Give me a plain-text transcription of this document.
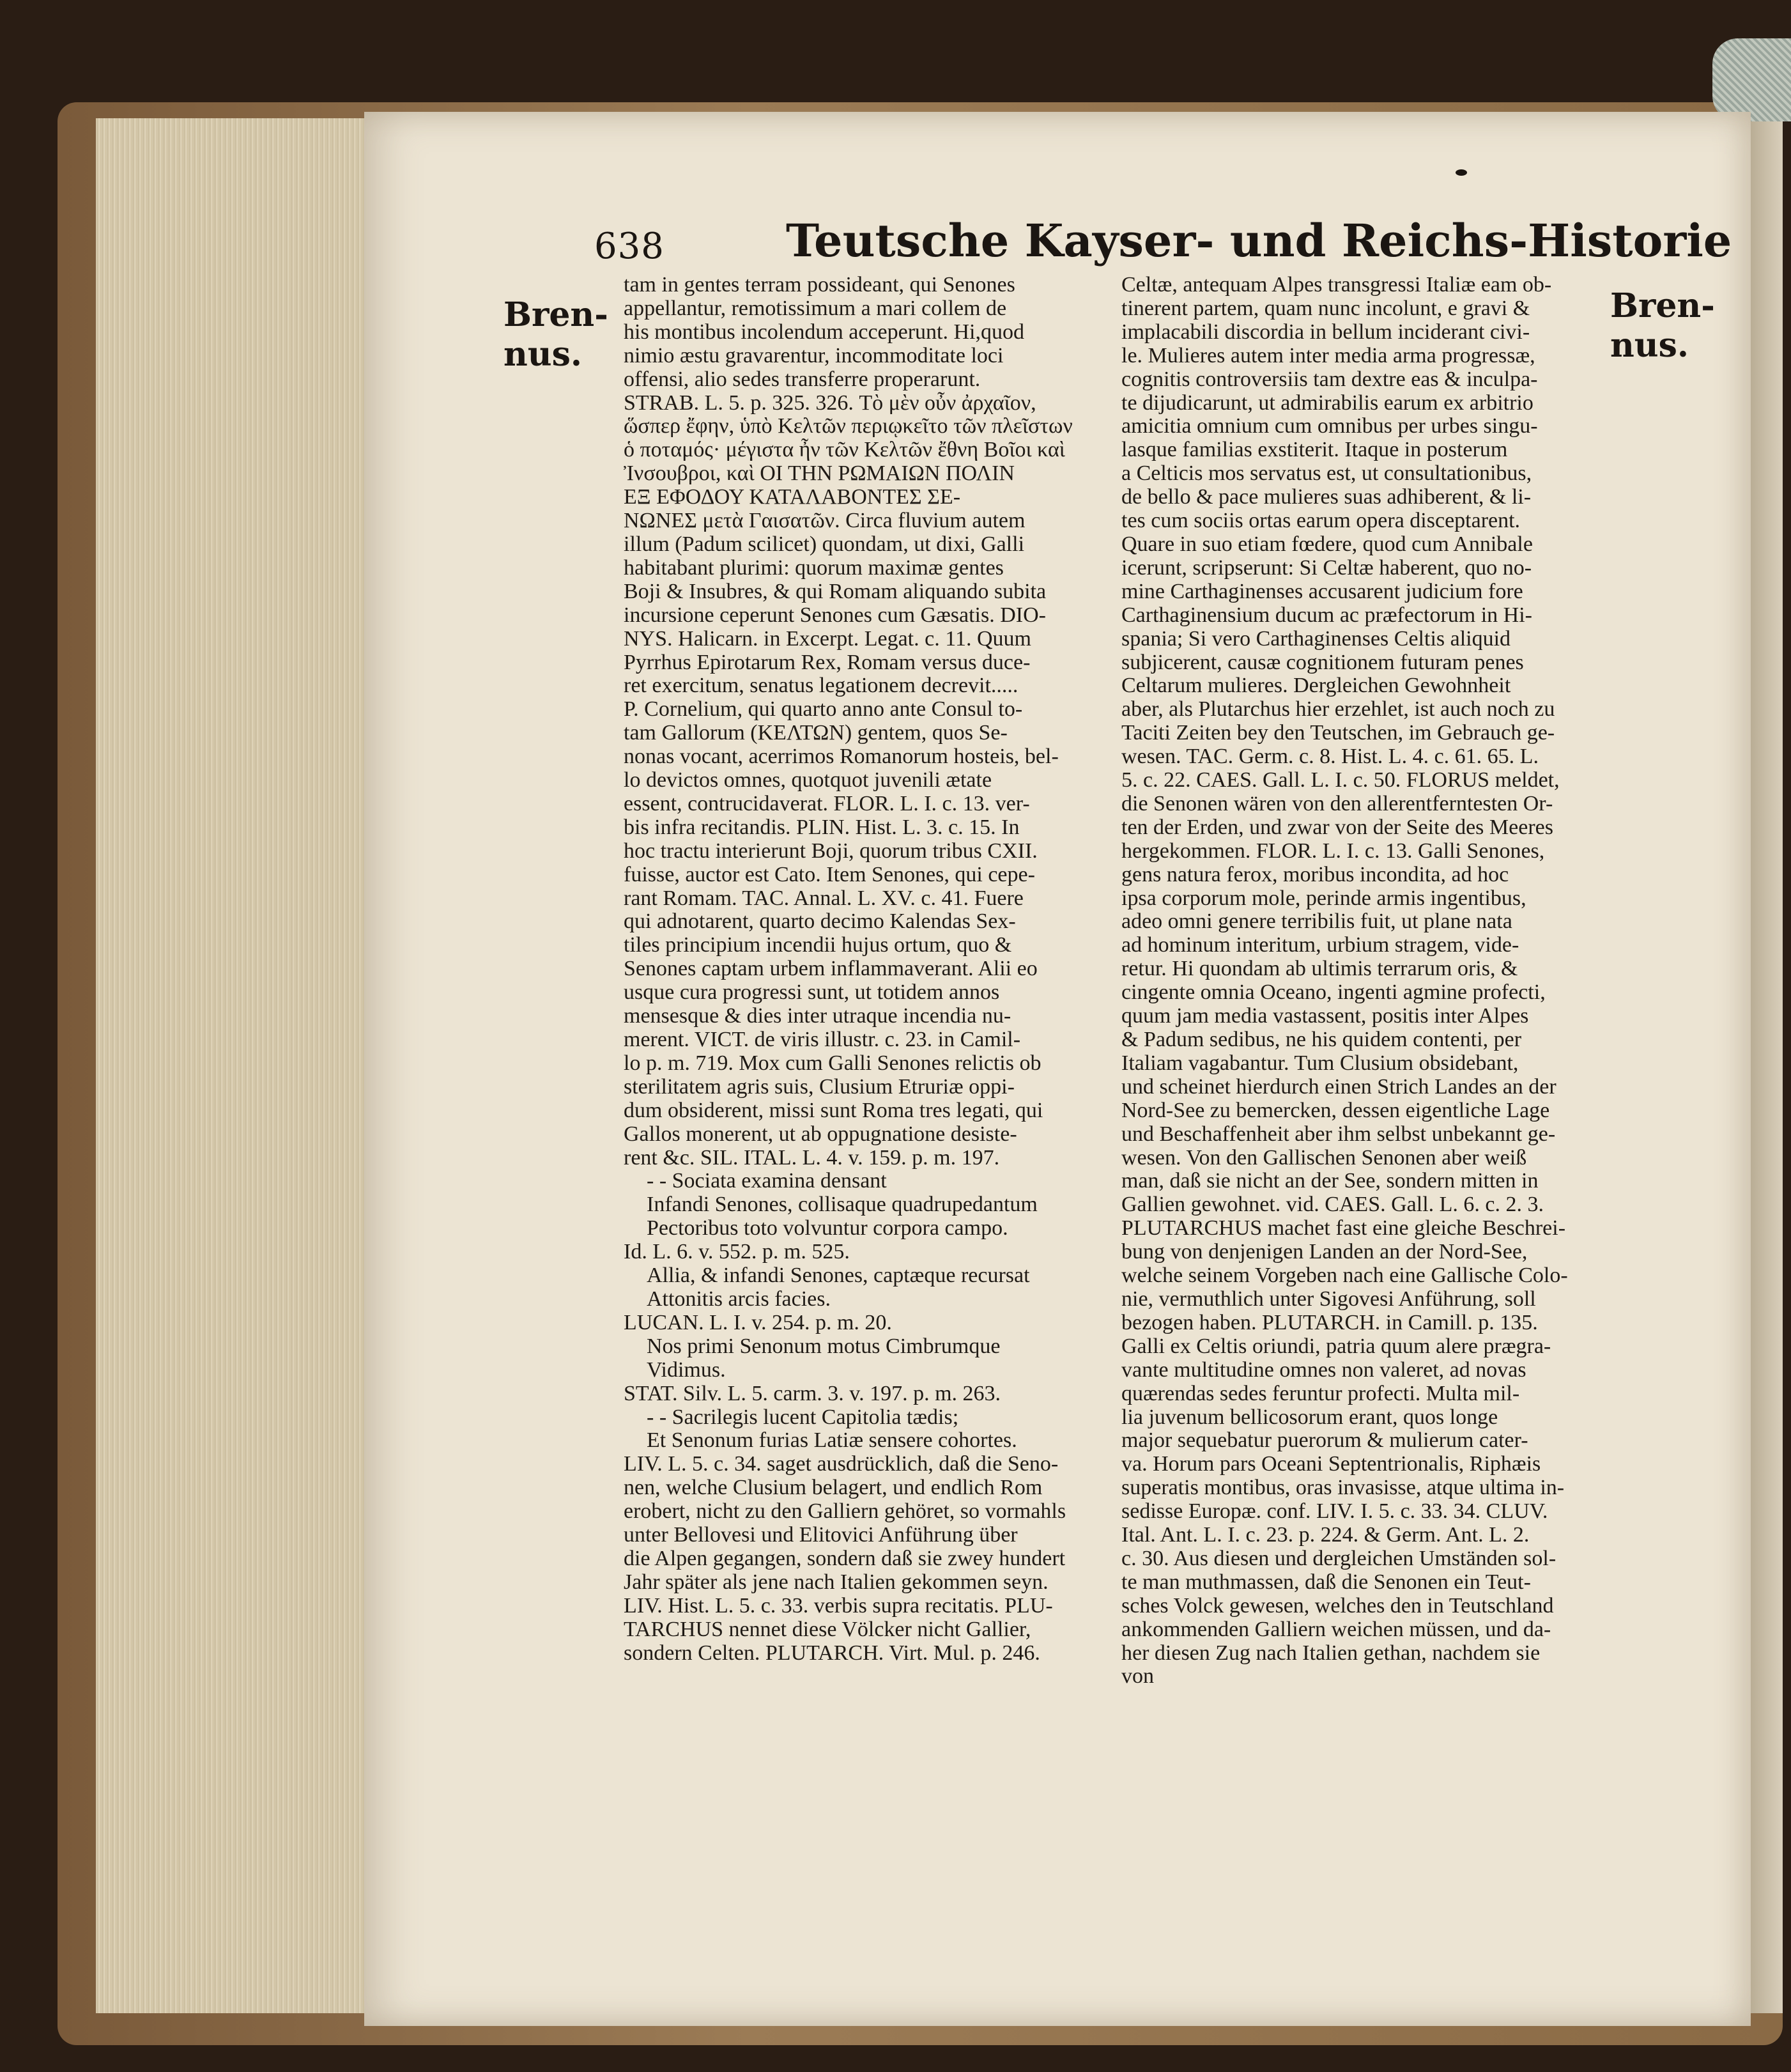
638	Teutsche Kayser- und Reichs-Historie
Bren-
nus.
Bren-
nus.
tam in gentes terram possideant, qui Senones
appellantur, remotissimum a mari collem de
his montibus incolendum acceperunt. Hi,quod
nimio æstu gravarentur, incommoditate loci
offensi, alio sedes transferre properarunt.
STRAB. L. 5. p. 325. 326. Τὸ μὲν οὖν ἀρχαῖον,
ὥσπερ ἔφην, ὑπὸ Κελτῶν περιῳκεῖτο τῶν πλεῖστων
ὁ ποταμός· μέγιστα ἦν τῶν Κελτῶν ἔθνη Βοῖοι καὶ
Ἰνσουβροι, καὶ ΟΙ ΤΗΝ ΡΩΜΑΙΩΝ ΠΟΛΙΝ
ΕΞ ΕΦΟΔΟΥ ΚΑΤΑΛΑΒΟΝΤΕΣ ΣΕ-
ΝΩΝΕΣ μετὰ Γαισατῶν. Circa fluvium autem
illum (Padum scilicet) quondam, ut dixi, Galli
habitabant plurimi: quorum maximæ gentes
Boji & Insubres, & qui Romam aliquando subita
incursione ceperunt Senones cum Gæsatis. DIO-
NYS. Halicarn. in Excerpt. Legat. c. 11. Quum
Pyrrhus Epirotarum Rex, Romam versus duce-
ret exercitum, senatus legationem decrevit.....
P. Cornelium, qui quarto anno ante Consul to-
tam Gallorum (ΚΕΛΤΩΝ) gentem, quos Se-
nonas vocant, acerrimos Romanorum hosteis, bel-
lo devictos omnes, quotquot juvenili ætate
essent, contrucidaverat. FLOR. L. I. c. 13. ver-
bis infra recitandis. PLIN. Hist. L. 3. c. 15. In
hoc tractu interierunt Boji, quorum tribus CXII.
fuisse, auctor est Cato. Item Senones, qui cepe-
rant Romam. TAC. Annal. L. XV. c. 41. Fuere
qui adnotarent, quarto decimo Kalendas Sex-
tiles principium incendii hujus ortum, quo &
Senones captam urbem inflammaverant. Alii eo
usque cura progressi sunt, ut totidem annos
mensesque & dies inter utraque incendia nu-
merent. VICT. de viris illustr. c. 23. in Camil-
lo p. m. 719. Mox cum Galli Senones relictis ob
sterilitatem agris suis, Clusium Etruriæ oppi-
dum obsiderent, missi sunt Roma tres legati, qui
Gallos monerent, ut ab oppugnatione desiste-
rent &c. SIL. ITAL. L. 4. v. 159. p. m. 197.
- - Sociata examina densant
Infandi Senones, collisaque quadrupedantum
Pectoribus toto volvuntur corpora campo.
Id. L. 6. v. 552. p. m. 525.
Allia, & infandi Senones, captæque recursat
Attonitis arcis facies.
LUCAN. L. I. v. 254. p. m. 20.
Nos primi Senonum motus Cimbrumque
Vidimus.
STAT. Silv. L. 5. carm. 3. v. 197. p. m. 263.
- - Sacrilegis lucent Capitolia tædis;
Et Senonum furias Latiæ sensere cohortes.
LIV. L. 5. c. 34. saget ausdrücklich, daß die Seno-
nen, welche Clusium belagert, und endlich Rom
erobert, nicht zu den Galliern gehöret, so vormahls
unter Bellovesi und Elitovici Anführung über
die Alpen gegangen, sondern daß sie zwey hundert
Jahr später als jene nach Italien gekommen seyn.
LIV. Hist. L. 5. c. 33. verbis supra recitatis. PLU-
TARCHUS nennet diese Völcker nicht Gallier,
sondern Celten. PLUTARCH. Virt. Mul. p. 246.
Celtæ, antequam Alpes transgressi Italiæ eam ob-
tinerent partem, quam nunc incolunt, e gravi &
implacabili discordia in bellum inciderant civi-
le. Mulieres autem inter media arma progressæ,
cognitis controversiis tam dextre eas & inculpa-
te dijudicarunt, ut admirabilis earum ex arbitrio
amicitia omnium cum omnibus per urbes singu-
lasque familias exstiterit. Itaque in posterum
a Celticis mos servatus est, ut consultationibus,
de bello & pace mulieres suas adhiberent, & li-
tes cum sociis ortas earum opera disceptarent.
Quare in suo etiam fœdere, quod cum Annibale
icerunt, scripserunt: Si Celtæ haberent, quo no-
mine Carthaginenses accusarent judicium fore
Carthaginensium ducum ac præfectorum in Hi-
spania; Si vero Carthaginenses Celtis aliquid
subjicerent, causæ cognitionem futuram penes
Celtarum mulieres. Dergleichen Gewohnheit
aber, als Plutarchus hier erzehlet, ist auch noch zu
Taciti Zeiten bey den Teutschen, im Gebrauch ge-
wesen. TAC. Germ. c. 8. Hist. L. 4. c. 61. 65. L.
5. c. 22. CAES. Gall. L. I. c. 50. FLORUS meldet,
die Senonen wären von den allerentferntesten Or-
ten der Erden, und zwar von der Seite des Meeres
hergekommen. FLOR. L. I. c. 13. Galli Senones,
gens natura ferox, moribus incondita, ad hoc
ipsa corporum mole, perinde armis ingentibus,
adeo omni genere terribilis fuit, ut plane nata
ad hominum interitum, urbium stragem, vide-
retur. Hi quondam ab ultimis terrarum oris, &
cingente omnia Oceano, ingenti agmine profecti,
quum jam media vastassent, positis inter Alpes
& Padum sedibus, ne his quidem contenti, per
Italiam vagabantur. Tum Clusium obsidebant,
und scheinet hierdurch einen Strich Landes an der
Nord-See zu bemercken, dessen eigentliche Lage
und Beschaffenheit aber ihm selbst unbekannt ge-
wesen. Von den Gallischen Senonen aber weiß
man, daß sie nicht an der See, sondern mitten in
Gallien gewohnet. vid. CAES. Gall. L. 6. c. 2. 3.
PLUTARCHUS machet fast eine gleiche Beschrei-
bung von denjenigen Landen an der Nord-See,
welche seinem Vorgeben nach eine Gallische Colo-
nie, vermuthlich unter Sigovesi Anführung, soll
bezogen haben. PLUTARCH. in Camill. p. 135.
Galli ex Celtis oriundi, patria quum alere prægra-
vante multitudine omnes non valeret, ad novas
quærendas sedes feruntur profecti. Multa mil-
lia juvenum bellicosorum erant, quos longe
major sequebatur puerorum & mulierum cater-
va. Horum pars Oceani Septentrionalis, Riphæis
superatis montibus, oras invasisse, atque ultima in-
sedisse Europæ. conf. LIV. I. 5. c. 33. 34. CLUV.
Ital. Ant. L. I. c. 23. p. 224. & Germ. Ant. L. 2.
c. 30. Aus diesen und dergleichen Umständen sol-
te man muthmassen, daß die Senonen ein Teut-
sches Volck gewesen, welches den in Teutschland
ankommenden Galliern weichen müssen, und da-
her diesen Zug nach Italien gethan, nachdem sie
von
